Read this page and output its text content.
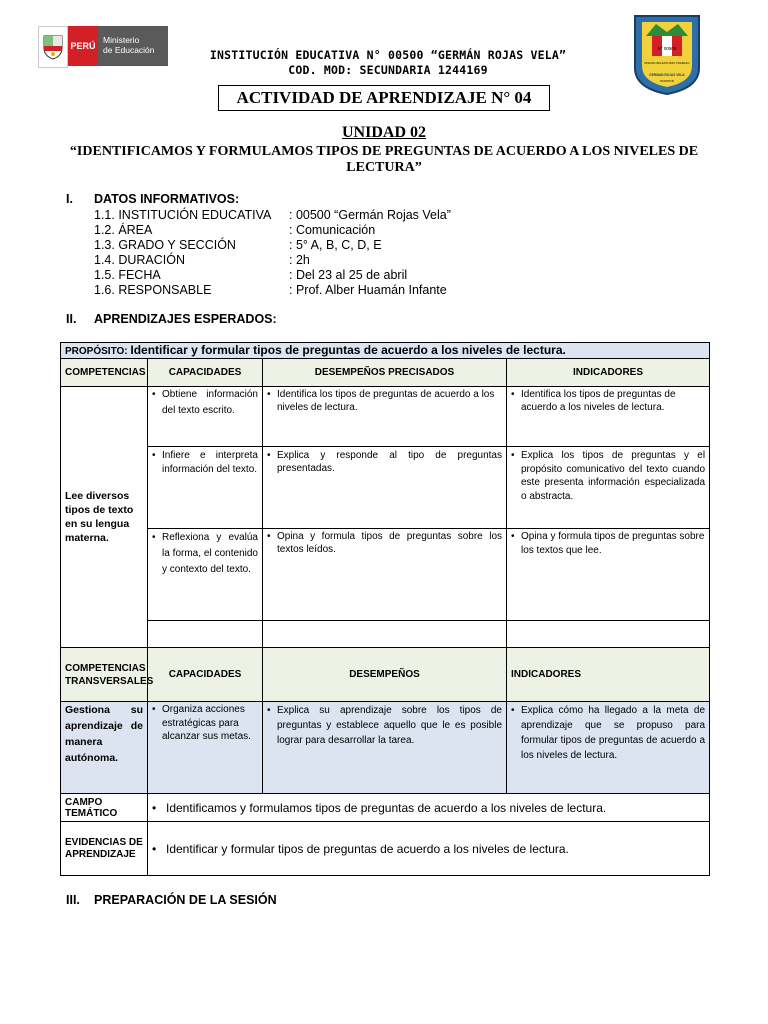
PERÚ
Ministerio
de Educación	INSTITUCIÓN EDUCATIVA N° 00500 “GERMÁN ROJAS VELA”
COD. MOD: SECUNDARIA 1244169
N° 00500
DISCIPLINA ESTUDIO TRABAJO
GERMAN ROJAS VELA
NORITON
ACTIVIDAD DE APRENDIZAJE N° 04
UNIDAD 02
“IDENTIFICAMOS Y FORMULAMOS TIPOS DE PREGUNTAS DE ACUERDO A LOS NIVELES DE LECTURA”
I. DATOS INFORMATIVOS:
1.1. INSTITUCIÓN EDUCATIVA	: 00500 “Germán Rojas Vela”
1.2. ÁREA	: Comunicación
1.3. GRADO Y SECCIÓN	: 5° A, B, C, D, E
1.4. DURACIÓN	: 2h
1.5. FECHA	: Del 23 al 25 de abril
1.6. RESPONSABLE	: Prof. Alber Huamán Infante
II. APRENDIZAJES ESPERADOS:
PROPÓSITO: Identificar y formular tipos de preguntas de acuerdo a los niveles de lectura.			
COMPETENCIAS	CAPACIDADES	DESEMPEÑOS PRECISADOS	INDICADORES
Lee diversos tipos de texto en su lengua materna.	• Obtiene información del texto escrito.	• Identifica los tipos de preguntas de acuerdo a los niveles de lectura.	• Identifica los tipos de preguntas de acuerdo a los niveles de lectura.

	• Infiere e interpreta información del texto.	• Explica y responde al tipo de preguntas presentadas.	• Explica los tipos de preguntas y el propósito comunicativo del texto cuando este presenta información especializada o abstracta.

	• Reflexiona y evalúa la forma, el contenido y contexto del texto.	• Opina y formula tipos de preguntas sobre los textos leídos.	• Opina y formula tipos de preguntas sobre los textos que lee.

COMPETENCIAS TRANSVERSALES	CAPACIDADES	DESEMPEÑOS	INDICADORES
Gestiona su aprendizaje de manera autónoma.	• Organiza acciones estratégicas para alcanzar sus metas.	• Explica su aprendizaje sobre los tipos de preguntas y establece aquello que le es posible lograr para desarrollar la tarea.	• Explica cómo ha llegado a la meta de aprendizaje que se propuso para formular tipos de preguntas de acuerdo a los niveles de lectura.

CAMPO TEMÁTICO	• Identificamos y formulamos tipos de preguntas de acuerdo a los niveles de lectura.		

EVIDENCIAS DE APRENDIZAJE	• Identificar y formular tipos de preguntas de acuerdo a los niveles de lectura.		
III. PREPARACIÓN DE LA SESIÓN
